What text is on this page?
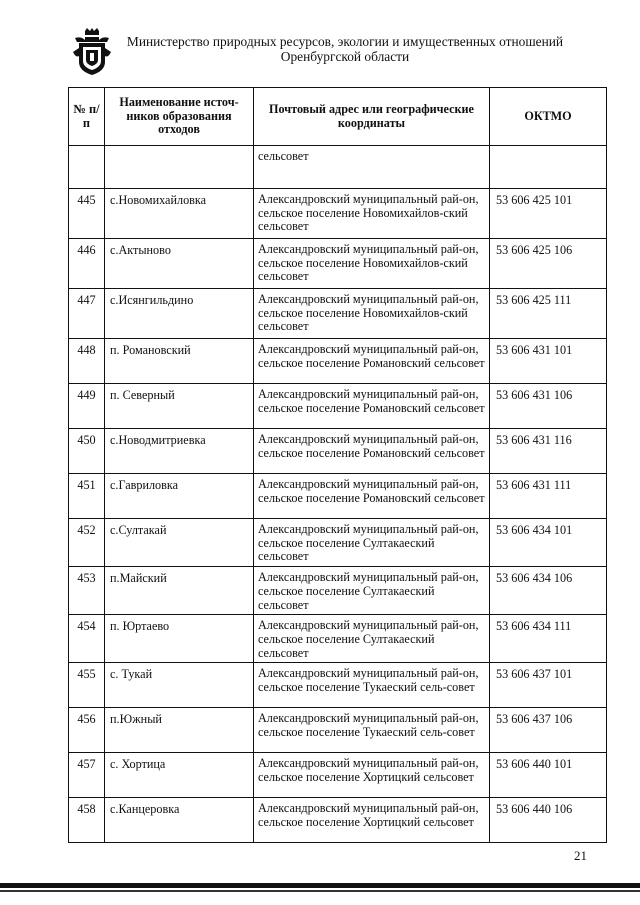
Министерство природных ресурсов, экологии и имущественных отношений
Оренбургской области
№ п/п	Наименование источ-ников образования отходов	Почтовый адрес или географические координаты	ОКТМО
		сельсовет	
445	с.Новомихайловка	Александровский муниципальный рай-он, сельское поселение Новомихайлов-ский сельсовет	53 606 425 101
446	с.Актыново	Александровский муниципальный рай-он, сельское поселение Новомихайлов-ский сельсовет	53 606 425 106
447	с.Исянгильдино	Александровский муниципальный рай-он, сельское поселение Новомихайлов-ский сельсовет	53 606 425 111
448	п. Романовский	Александровский муниципальный рай-он, сельское поселение Романовский сельсовет	53 606 431 101
449	п. Северный	Александровский муниципальный рай-он, сельское поселение Романовский сельсовет	53 606 431 106
450	с.Новодмитриевка	Александровский муниципальный рай-он, сельское поселение Романовский сельсовет	53 606 431 116
451	с.Гавриловка	Александровский муниципальный рай-он, сельское поселение Романовский сельсовет	53 606 431 111
452	с.Султакай	Александровский муниципальный рай-он, сельское поселение Султакаеский сельсовет	53 606 434 101
453	п.Майский	Александровский муниципальный рай-он, сельское поселение Султакаеский сельсовет	53 606 434 106
454	п. Юртаево	Александровский муниципальный рай-он, сельское поселение Султакаеский сельсовет	53 606 434 111
455	с. Тукай	Александровский муниципальный рай-он, сельское поселение Тукаеский сель-совет	53 606 437 101
456	п.Южный	Александровский муниципальный рай-он, сельское поселение Тукаеский сель-совет	53 606 437 106
457	с. Хортица	Александровский муниципальный рай-он, сельское поселение Хортицкий сельсовет	53 606 440 101
458	с.Канцеровка	Александровский муниципальный рай-он, сельское поселение Хортицкий сельсовет	53 606 440 106
21
